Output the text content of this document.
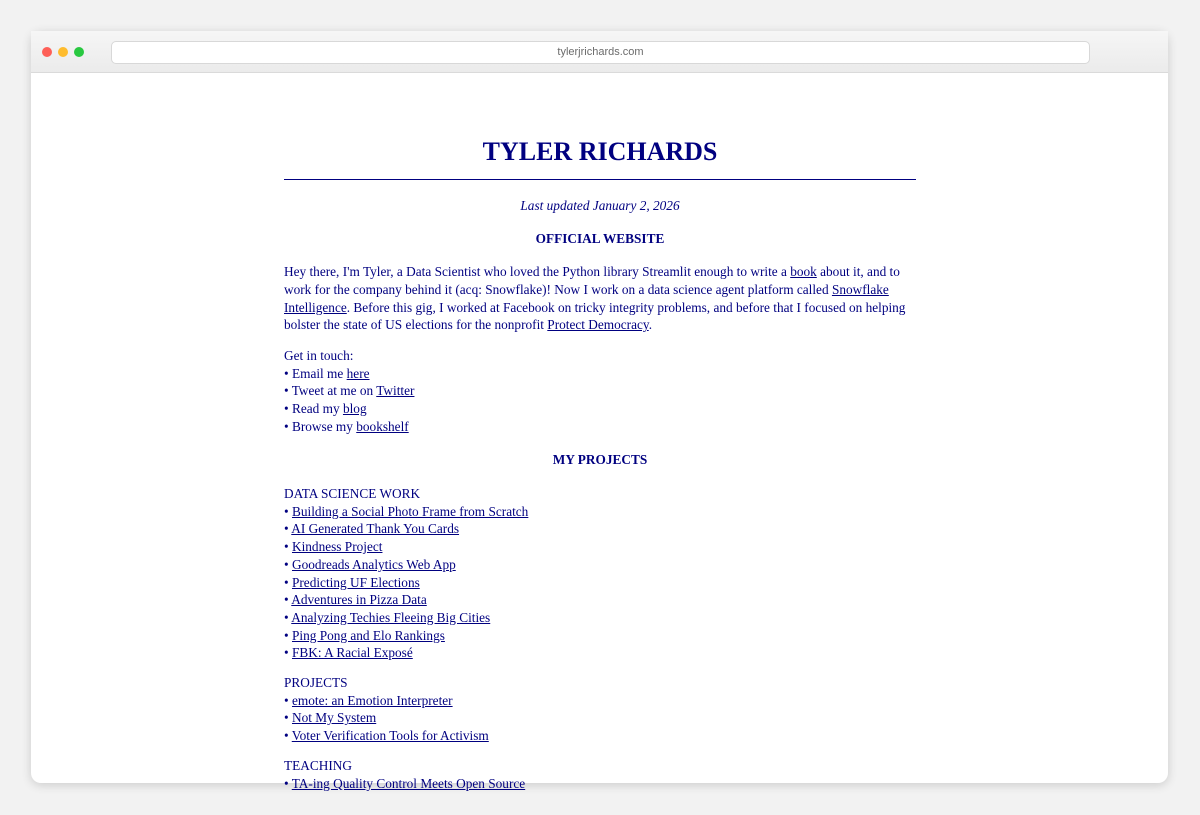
tylerjrichards.com
TYLER RICHARDS
Last updated January 2, 2026
OFFICIAL WEBSITE

Hey there, I'm Tyler, a Data Scientist who loved the Python library Streamlit enough to write a book about it, and to work for the company behind it (acq: Snowflake)! Now I work on a data science agent platform called Snowflake Intelligence. Before this gig, I worked at Facebook on tricky integrity problems, and before that I focused on helping bolster the state of US elections for the nonprofit Protect Democracy.

Get in touch:
• Email me here
• Tweet at me on Twitter
• Read my blog
• Browse my bookshelf
MY PROJECTS
DATA SCIENCE WORK
• Building a Social Photo Frame from Scratch
• AI Generated Thank You Cards
• Kindness Project
• Goodreads Analytics Web App
• Predicting UF Elections
• Adventures in Pizza Data
• Analyzing Techies Fleeing Big Cities
• Ping Pong and Elo Rankings
• FBK: A Racial Exposé
PROJECTS
• emote: an Emotion Interpreter
• Not My System
• Voter Verification Tools for Activism
TEACHING
• TA-ing Quality Control Meets Open Source
